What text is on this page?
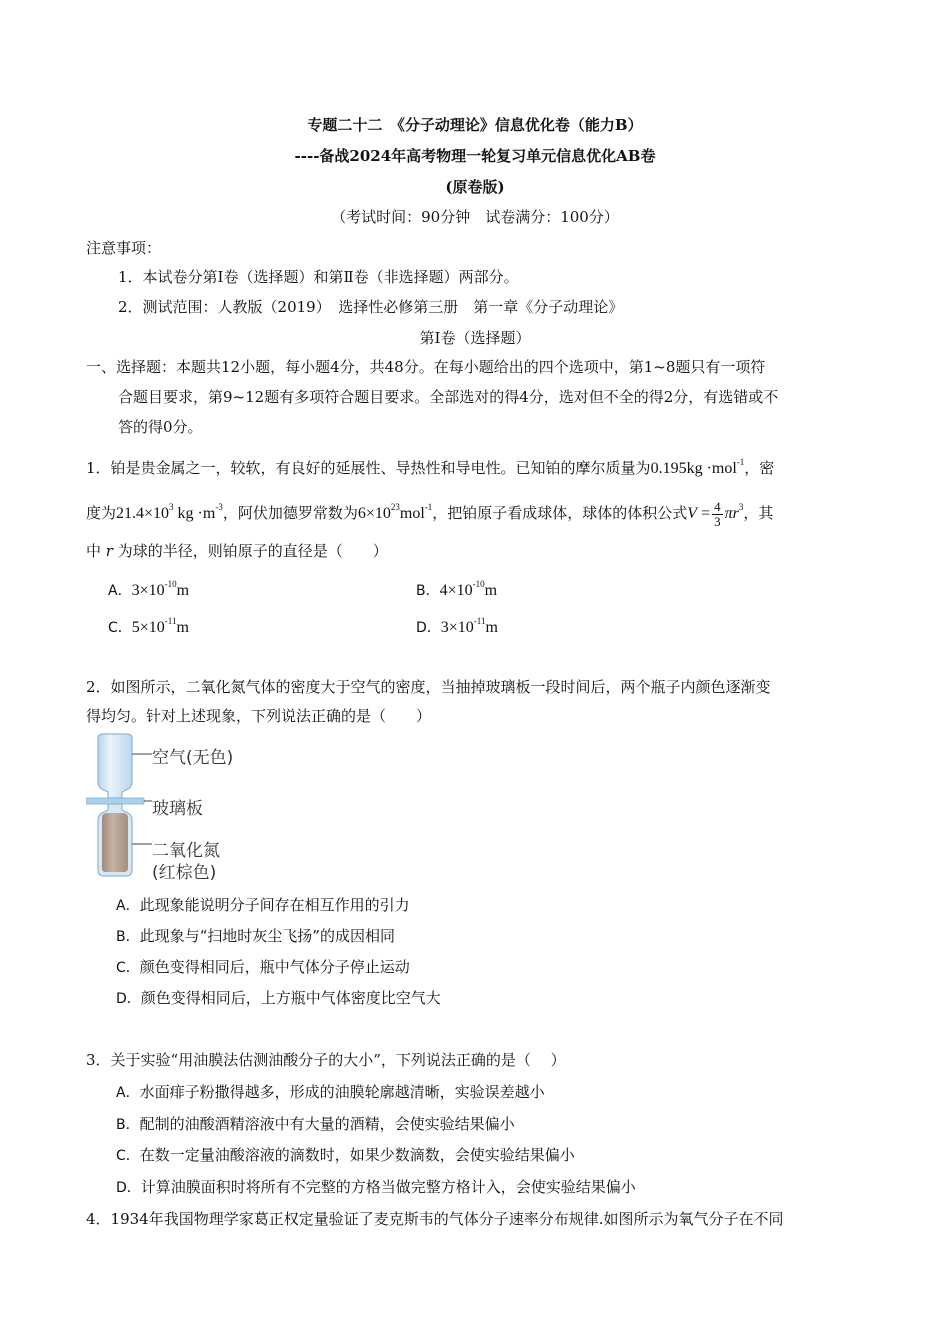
专题二十二　《分子动理论》信息优化卷（能力B）
----备战2024年高考物理一轮复习单元信息优化AB卷
(原卷版)
（考试时间：90分钟　试卷满分：100分）
注意事项：
1．本试卷分第Ⅰ卷（选择题）和第Ⅱ卷（非选择题）两部分。
2．测试范围：人教版（2019）　选择性必修第三册　第一章《分子动理论》
第Ⅰ卷（选择题）
一、选择题：本题共12小题，每小题4分，共48分。在每小题给出的四个选项中，第1~8题只有一项符
合题目要求，第9~12题有多项符合题目要求。全部选对的得4分，选对但不全的得2分，有选错或不
答的得0分。
1．铂是贵金属之一，较软，有良好的延展性、导热性和导电性。已知铂的摩尔质量为0.195kg ·mol$^{-1}$，密
度为$21.4\times 10^3$ kg $\cdot m^{-3}$，阿伏加德罗常数为$6\times 10^{23}mol^{-1}$，把铂原子看成球体，球体的体积公式$V = \frac{4}{3} \pi r^3$，其
中 r 为球的半径，则铂原子的直径是（　　）
A．$3\times 10^{-10}m$	B．$4\times 10^{-10}m$
C．$5\times 10^{-11}m$	D．$3\times 10^{-11}m$
2．如图所示，二氧化氮气体的密度大于空气的密度，当抽掉玻璃板一段时间后，两个瓶子内颜色逐渐变
得均匀。针对上述现象，下列说法正确的是（　　）
空气(无色)
玻璃板
二氧化氮
(红棕色)
A．此现象能说明分子间存在相互作用的引力
B．此现象与“扫地时灰尘飞扬”的成因相同
C．颜色变得相同后，瓶中气体分子停止运动
D．颜色变得相同后，上方瓶中气体密度比空气大
3．关于实验“用油膜法估测油酸分子的大小”，下列说法正确的是（　 ）
A．水面痱子粉撒得越多，形成的油膜轮廓越清晰，实验误差越小
B．配制的油酸酒精溶液中有大量的酒精，会使实验结果偏小
C．在数一定量油酸溶液的滴数时，如果少数滴数，会使实验结果偏小
D．计算油膜面积时将所有不完整的方格当做完整方格计入，会使实验结果偏小
4．1934年我国物理学家葛正权定量验证了麦克斯韦的气体分子速率分布规律.如图所示为氧气分子在不同
